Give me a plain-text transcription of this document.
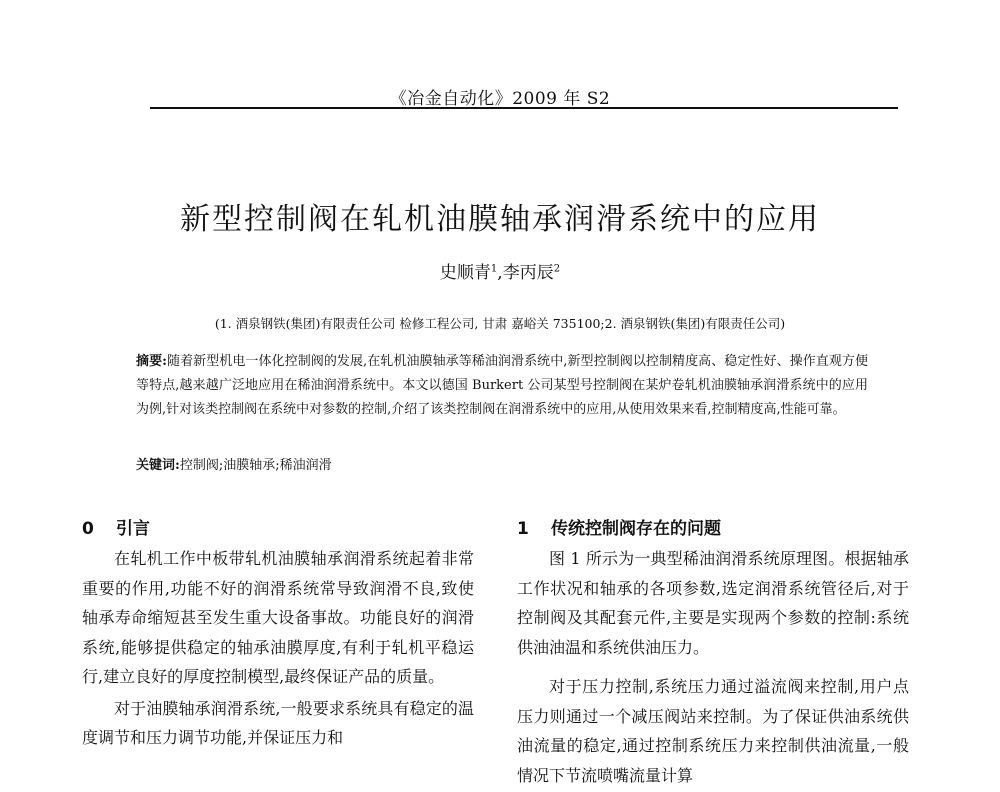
《冶金自动化》2009 年 S2
新型控制阀在轧机油膜轴承润滑系统中的应用
史顺青$^1$,李丙辰$^2$
(1. 酒泉钢铁(集团)有限责任公司 检修工程公司, 甘肃 嘉峪关 735100;2. 酒泉钢铁(集团)有限责任公司)
摘要:随着新型机电一体化控制阀的发展,在轧机油膜轴承等稀油润滑系统中,新型控制阀以控制精度高、稳定性好、操作直观方便等特点,越来越广泛地应用在稀油润滑系统中。本文以德国 Burkert 公司某型号控制阀在某炉卷轧机油膜轴承润滑系统中的应用为例,针对该类控制阀在系统中对参数的控制,介绍了该类控制阀在润滑系统中的应用,从使用效果来看,控制精度高,性能可靠。
关键词:控制阀;油膜轴承;稀油润滑
0 引言

在轧机工作中板带轧机油膜轴承润滑系统起着非常重要的作用,功能不好的润滑系统常导致润滑不良,致使轴承寿命缩短甚至发生重大设备事故。功能良好的润滑系统,能够提供稳定的轴承油膜厚度,有利于轧机平稳运行,建立良好的厚度控制模型,最终保证产品的质量。

对于油膜轴承润滑系统,一般要求系统具有稳定的温度调节和压力调节功能,并保证压力和

1 传统控制阀存在的问题

图 1 所示为一典型稀油润滑系统原理图。根据轴承工作状况和轴承的各项参数,选定润滑系统管径后,对于控制阀及其配套元件,主要是实现两个参数的控制:系统供油油温和系统供油压力。

对于压力控制,系统压力通过溢流阀来控制,用户点压力则通过一个减压阀站来控制。为了保证供油系统供油流量的稳定,通过控制系统压力来控制供油流量,一般情况下节流喷嘴流量计算
